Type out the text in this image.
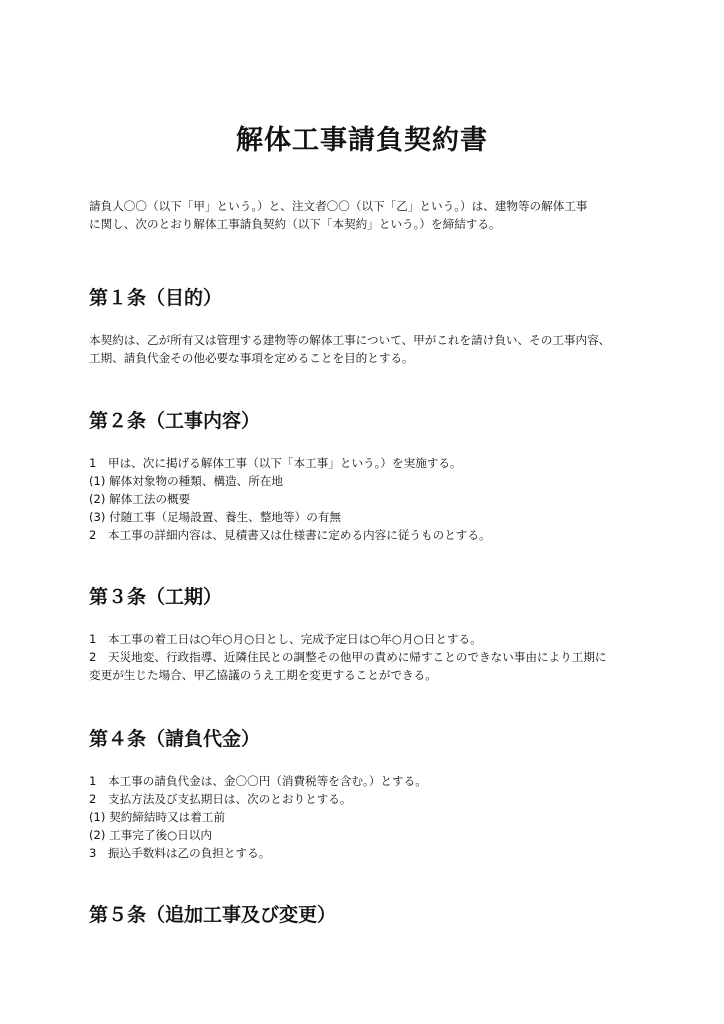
解体工事請負契約書

請負人〇〇（以下「甲」という。）と、注文者〇〇（以下「乙」という。）は、建物等の解体工事
に関し、次のとおり解体工事請負契約（以下「本契約」という。）を締結する。

第１条（目的）
本契約は、乙が所有又は管理する建物等の解体工事について、甲がこれを請け負い、その工事内容、
工期、請負代金その他必要な事項を定めることを目的とする。
第２条（工事内容）
1　甲は、次に掲げる解体工事（以下「本工事」という。）を実施する。
(1) 解体対象物の種類、構造、所在地
(2) 解体工法の概要
(3) 付随工事（足場設置、養生、整地等）の有無
2　本工事の詳細内容は、見積書又は仕様書に定める内容に従うものとする。
第３条（工期）
1　本工事の着工日は○年○月○日とし、完成予定日は○年○月○日とする。
2　天災地変、行政指導、近隣住民との調整その他甲の責めに帰すことのできない事由により工期に
変更が生じた場合、甲乙協議のうえ工期を変更することができる。
第４条（請負代金）
1　本工事の請負代金は、金〇〇円（消費税等を含む。）とする。
2　支払方法及び支払期日は、次のとおりとする。
(1) 契約締結時又は着工前
(2) 工事完了後○日以内
3　振込手数料は乙の負担とする。
第５条（追加工事及び変更）
